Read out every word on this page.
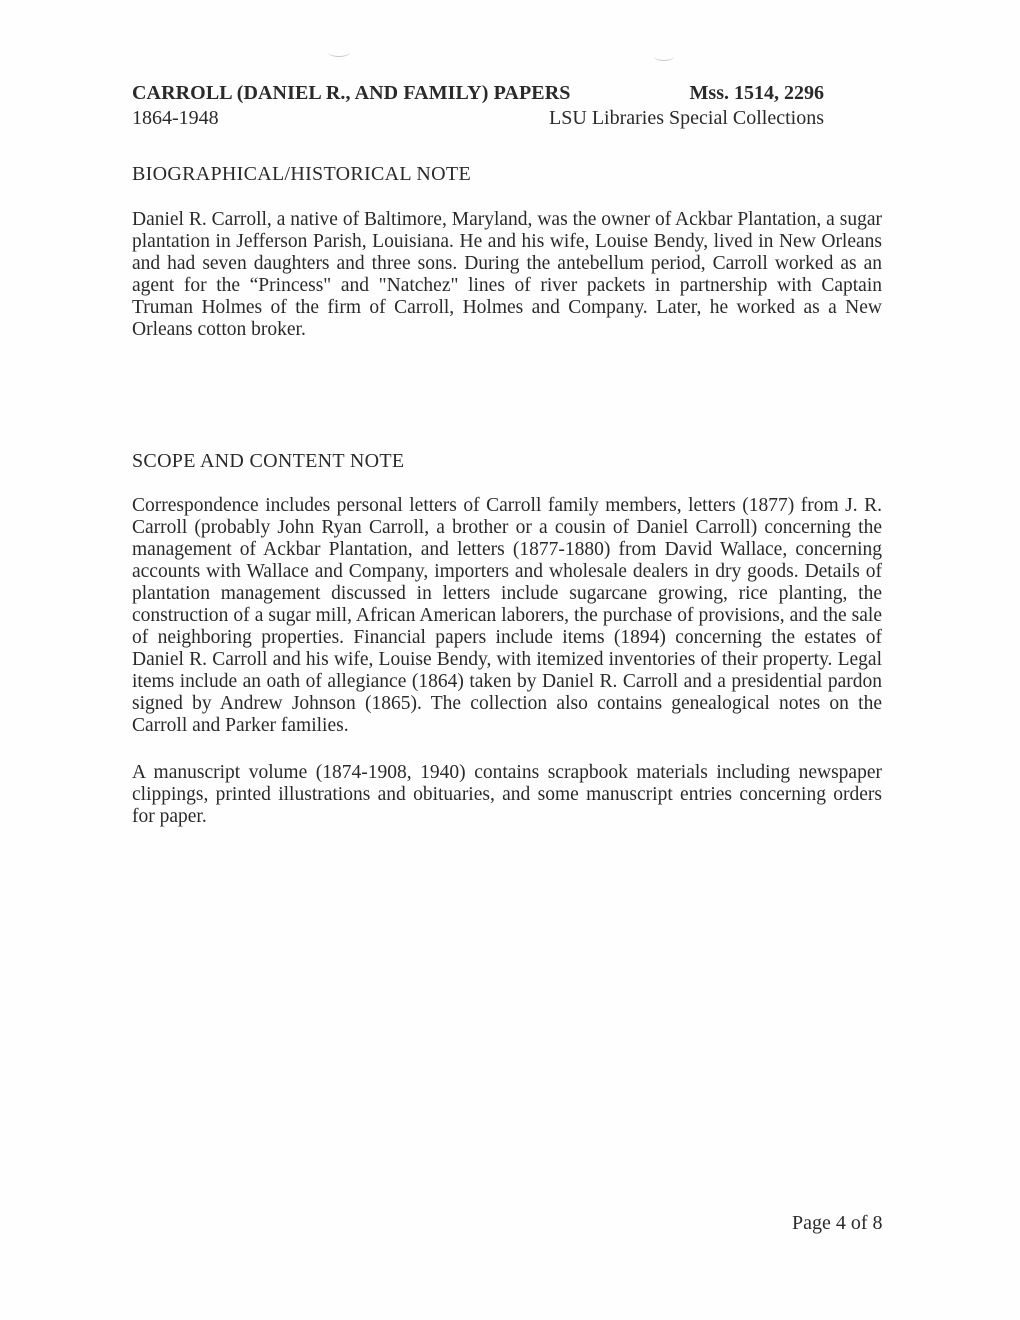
CARROLL (DANIEL R., AND FAMILY) PAPERS	Mss. 1514, 2296
1864-1948	LSU Libraries Special Collections
BIOGRAPHICAL/HISTORICAL NOTE
Daniel R. Carroll, a native of Baltimore, Maryland, was the owner of Ackbar Plantation, a sugar plantation in Jefferson Parish, Louisiana. He and his wife, Louise Bendy, lived in New Orleans and had seven daughters and three sons. During the antebellum period, Carroll worked as an agent for the “Princess" and "Natchez" lines of river packets in partnership with Captain Truman Holmes of the firm of Carroll, Holmes and Company. Later, he worked as a New Orleans cotton broker.
SCOPE AND CONTENT NOTE
Correspondence includes personal letters of Carroll family members, letters (1877) from J. R. Carroll (probably John Ryan Carroll, a brother or a cousin of Daniel Carroll) concerning the management of Ackbar Plantation, and letters (1877-1880) from David Wallace, concerning accounts with Wallace and Company, importers and wholesale dealers in dry goods. Details of plantation management discussed in letters include sugarcane growing, rice planting, the construction of a sugar mill, African American laborers, the purchase of provisions, and the sale of neighboring properties. Financial papers include items (1894) concerning the estates of Daniel R. Carroll and his wife, Louise Bendy, with itemized inventories of their property. Legal items include an oath of allegiance (1864) taken by Daniel R. Carroll and a presidential pardon signed by Andrew Johnson (1865). The collection also contains genealogical notes on the Carroll and Parker families.
A manuscript volume (1874-1908, 1940) contains scrapbook materials including newspaper clippings, printed illustrations and obituaries, and some manuscript entries concerning orders for paper.
Page 4 of 8
